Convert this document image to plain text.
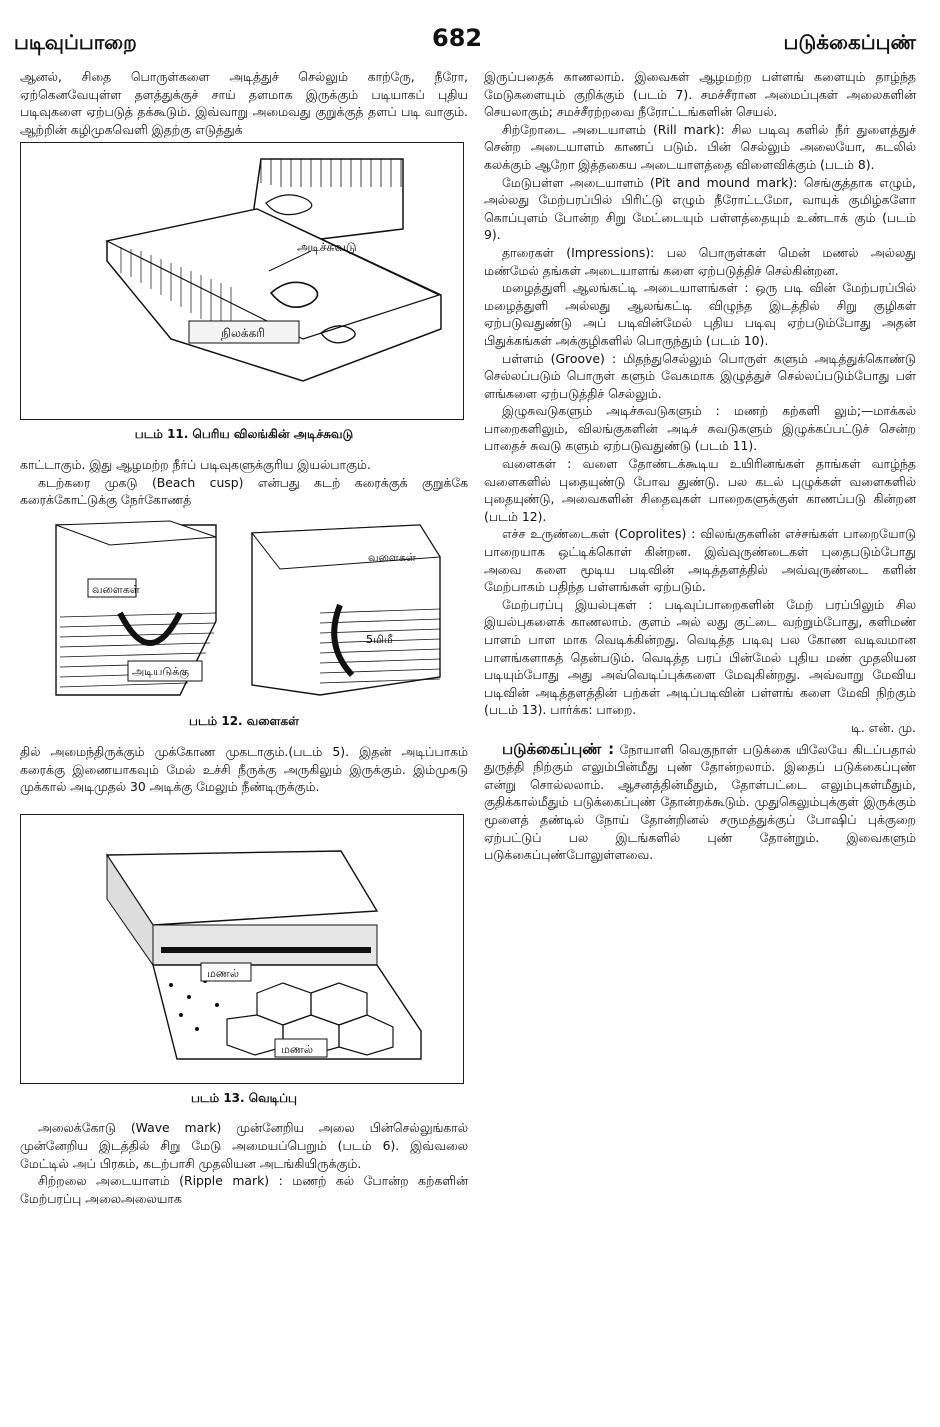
படிவுப்பாறை	682	படுக்கைப்புண்

ஆனல், சிதை பொருள்களை அடித்துச் செல்லும் காற்ருே, நீரோ, ஏற்கெனவேயுள்ள தளத்துக்குச் சாய் தளமாக இருக்கும் படியாகப் புதிய படிவுகளை ஏற்படுத் தக்கூடும். இவ்வாறு அமைவது குறுக்குத் தளப் படி வாகும். ஆற்றின் கழிமுகவெளி இதற்கு எடுத்துக்

அடிச்சுவடு
நிலக்கரி
படம் 11. பெரிய விலங்கின் அடிச்சுவடு

காட்டாகும். இது ஆழமற்ற நீர்ப் படிவுகளுக்குரிய இயல்பாகும்.

கடற்கரை முகடு (Beach cusp) என்பது கடற் கரைக்குக் குறுக்கே கரைக்கோட்டுக்கு நேர்கோணத்

வளைகள்
அடியடுக்கு
வளைகள்
5மிமீ
படம் 12. வளைகள்

தில் அமைந்திருக்கும் முக்கோண முகடாகும்.(படம் 5). இதன் அடிப்பாகம் கரைக்கு இணையாகவும் மேல் உச்சி நீருக்கு அருகிலும் இருக்கும். இம்முகடு முக்கால் அடிமுதல் 30 அடிக்கு மேலும் நீண்டிருக்கும்.

மணல்
மணல்
படம் 13. வெடிப்பு

அலைக்கோடு (Wave mark) முன்னேறிய அலை பின்செல்லுங்கால் முன்னேறிய இடத்தில் சிறு மேடு அமையப்பெறும் (படம் 6). இவ்வலை மேட்டில் அப் பிரகம், கடற்பாசி முதலியன அடங்கியிருக்கும்.

சிற்றலை அடையாளம் (Ripple mark) : மணற் கல் போன்ற கற்களின் மேற்பரப்பு அலைஅலையாக

இருப்பதைக் காணலாம். இவைகள் ஆழமற்ற பள்ளங் களையும் தாழ்ந்த மேடுகளையும் குறிக்கும் (படம் 7). சமச்சீரான அமைப்புகள் அலைகளின் செயலாகும்; சமச்சீரற்றவை நீரோட்டங்களின் செயல்.

சிற்றோடை அடையாளம் (Rill mark): சில படிவு களில் நீர் துளைத்துச் சென்ற அடையாளம் காணப் படும். பின் செல்லும் அலையோ, கடலில் கலக்கும் ஆறோ இத்தகைய அடையாளத்தை விளைவிக்கும் (படம் 8).

மேடுபள்ள அடையாளம் (Pit and mound mark): செங்குத்தாக எழும், அல்லது மேற்பரப்பில் பிரிட்டு எழும் நீரோட்டமோ, வாயுக் குமிழ்களோ கொப்புளம் போன்ற சிறு மேட்டையும் பள்ளத்தையும் உண்டாக் கும் (படம் 9).

தாரைகள் (Impressions): பல பொருள்கள் மென் மணல் அல்லது மண்மேல் தங்கள் அடையாளங் களை ஏற்படுத்திச் செல்கின்றன.

மழைத்துளி ஆலங்கட்டி அடையாளங்கள் : ஒரு படி வின் மேற்பரப்பில் மழைத்துளி அல்லது ஆலங்கட்டி விழுந்த இடத்தில் சிறு குழிகள் ஏற்படுவதுண்டு அப் படிவின்மேல் புதிய படிவு ஏற்படும்போது அதன் பிதுக்கங்கள் அக்குழிகளில் பொருந்தும் (படம் 10).

பள்ளம் (Groove) : மிதந்துசெல்லும் பொருள் களும் அடித்துக்கொண்டு செல்லப்படும் பொருள் களும் வேகமாக இழுத்துச் செல்லப்படும்போது பள் ளங்களை ஏற்படுத்திச் செல்லும்.

இழுசுவடுகளும் அடிச்சுவடுகளும் : மணற் கற்களி லும்;—மாக்கல் பாறைகளிலும், விலங்குகளின் அடிச் சுவடுகளும் இழுக்கப்பட்டுச் சென்ற பாதைச் சுவடு களும் ஏற்படுவதுண்டு (படம் 11).

வளைகள் : வளை தோண்டக்கூடிய உயிரினங்கள் தாங்கள் வாழ்ந்த வளைகளில் புதையுண்டு போவ துண்டு. பல கடல் புழுக்கள் வளைகளில் புதையுண்டு, அவைகளின் சிதைவுகள் பாறைகளுக்குள் காணப்படு கின்றன (படம் 12).

எச்ச உருண்டைகள் (Coprolites) : விலங்குகளின் எச்சங்கள் பாறையோடு பாறையாக ஒட்டிக்கொள் கின்றன. இவ்வுருண்டைகள் புதைபடும்போது அவை களை மூடிய படிவின் அடித்தளத்தில் அவ்வுருண்டை களின் மேற்பாகம் பதிந்த பள்ளங்கள் ஏற்படும்.

மேற்பரப்பு இயல்புகள் : படிவுப்பாறைகளின் மேற் பரப்பிலும் சில இயல்புகளைக் காணலாம். குளம் அல் லது குட்டை வற்றும்போது, களிமண் பாளம் பாள மாக வெடிக்கின்றது. வெடித்த படிவு பல கோண வடிவமான பாளங்களாகத் தென்படும். வெடித்த பரப் பின்மேல் புதிய மண் முதலியன படியும்போது அது அவ்வெடிப்புக்களை மேவுகின்றது. அவ்வாறு மேவிய படிவின் அடித்தளத்தின் பற்கள் அடிப்படிவின் பள்ளங் களை மேவி நிற்கும் (படம் 13). பார்க்க: பாறை.

டி. என். மு.

படுக்கைப்புண் : நோயாளி வெகுநாள் படுக்கை யிலேயே கிடப்பதால் துருத்தி நிற்கும் எலும்பின்மீது புண் தோன்றலாம். இதைப் படுக்கைப்புண் என்று சொல்லலாம். ஆசனத்தின்மீதும், தோள்பட்டை எலும்புகள்மீதும், குதிக்கால்மீதும் படுக்கைப்புண் தோன்றக்கூடும். முதுகெலும்புக்குள் இருக்கும் மூளைத் தண்டில் நோய் தோன்றினல் சருமத்துக்குப் போஷிப் புக்குறை ஏற்பட்டுப் பல இடங்களில் புண் தோன்றும். இவைகளும் படுக்கைப்புண்போலுள்ளவை.
